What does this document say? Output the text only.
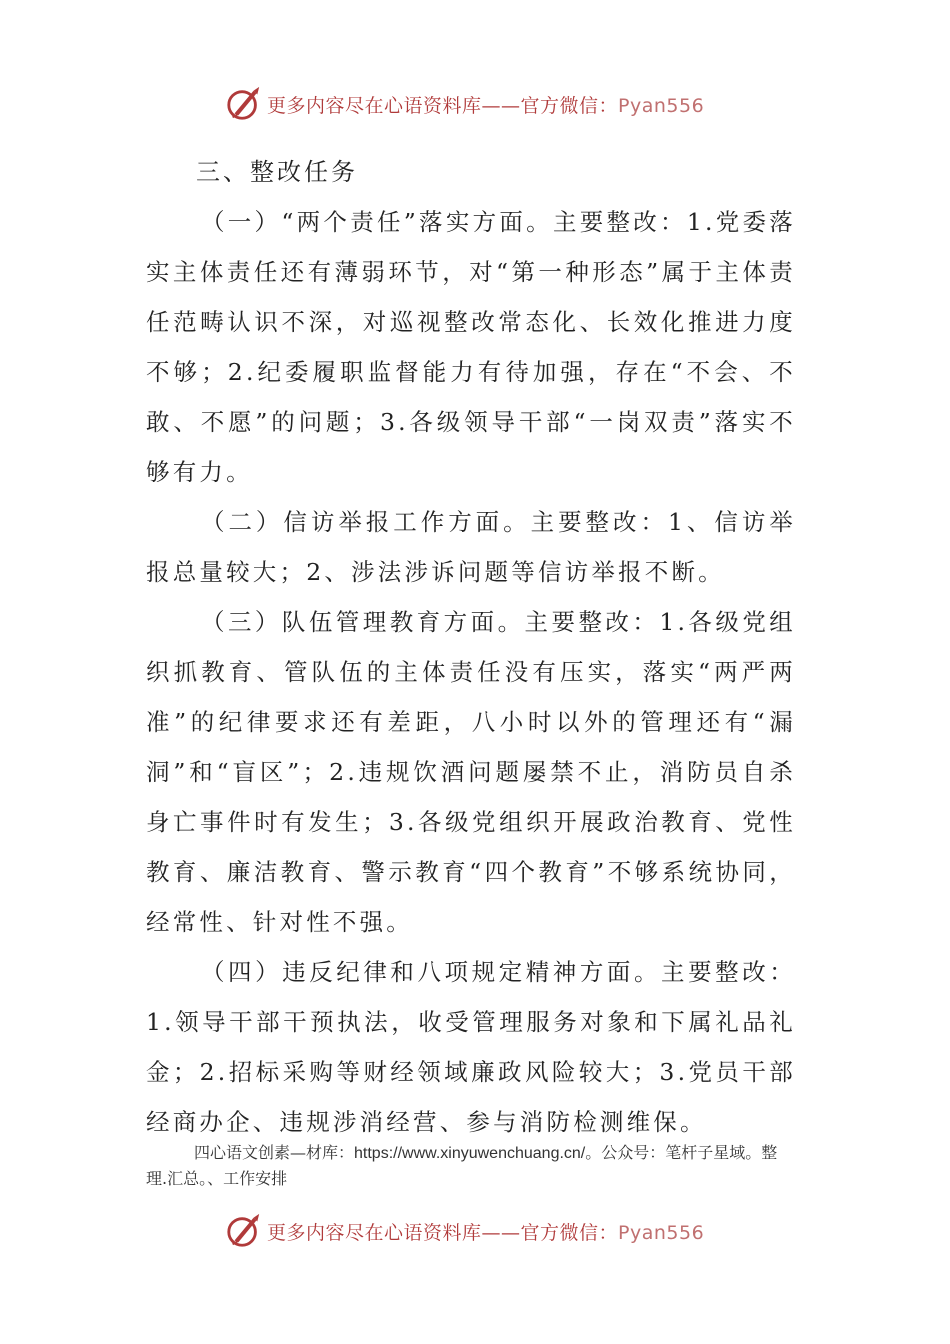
更多内容尽在心语资料库——官方微信：Pyan556
三、整改任务

（一）“两个责任”落实方面。主要整改：1.党委落实主体责任还有薄弱环节，对“第一种形态”属于主体责任范畴认识不深，对巡视整改常态化、长效化推进力度不够；2.纪委履职监督能力有待加强，存在“不会、不敢、不愿”的问题；3.各级领导干部“一岗双责”落实不够有力。

（二）信访举报工作方面。主要整改：1、信访举报总量较大；2、涉法涉诉问题等信访举报不断。

（三）队伍管理教育方面。主要整改：1.各级党组织抓教育、管队伍的主体责任没有压实，落实“两严两准”的纪律要求还有差距，八小时以外的管理还有“漏洞”和“盲区”；2.违规饮酒问题屡禁不止，消防员自杀身亡事件时有发生；3.各级党组织开展政治教育、党性教育、廉洁教育、警示教育“四个教育”不够系统协同，经常性、针对性不强。

（四）违反纪律和八项规定精神方面。主要整改：1.领导干部干预执法，收受管理服务对象和下属礼品礼金；2.招标采购等财经领域廉政风险较大；3.党员干部经商办企、违规涉消经营、参与消防检测维保。

四心语文创素—材库：https://www.xinyuwenchuang.cn/。公众号：笔杆子星域。整理.汇总。、工作安排
更多内容尽在心语资料库——官方微信：Pyan556
